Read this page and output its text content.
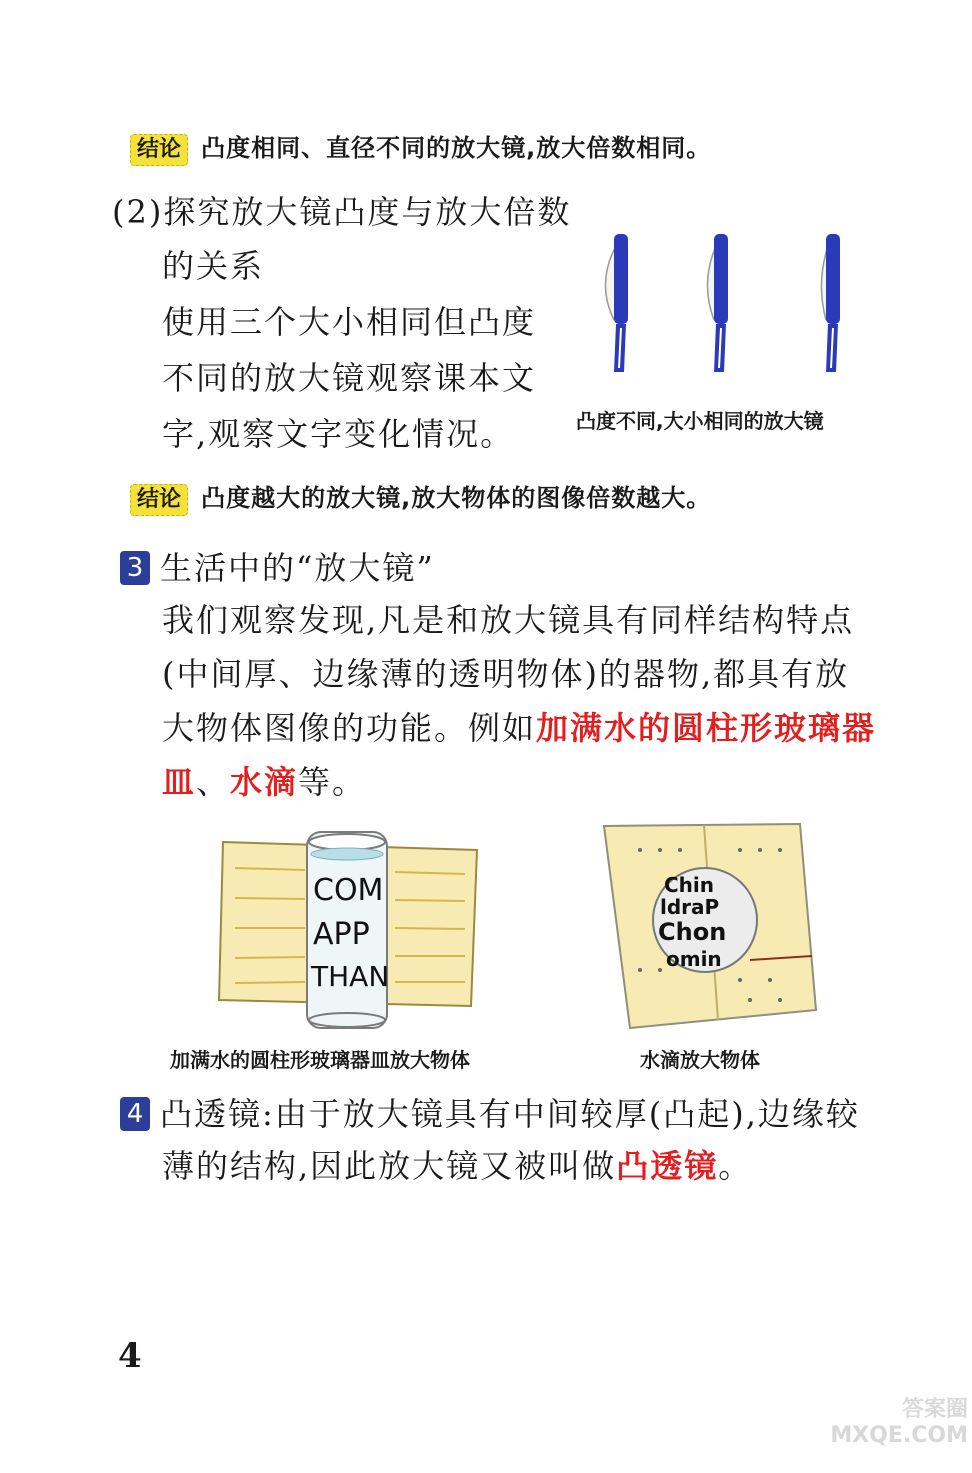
结论 凸度相同、直径不同的放大镜,放大倍数相同。
(2)探究放大镜凸度与放大倍数
的关系
使用三个大小相同但凸度
不同的放大镜观察课本文
字,观察文字变化情况。	凸度不同,大小相同的放大镜
结论 凸度越大的放大镜,放大物体的图像倍数越大。
3 生活中的“放大镜”
我们观察发现,凡是和放大镜具有同样结构特点
(中间厚、边缘薄的透明物体)的器物,都具有放
大物体图像的功能。例如加满水的圆柱形玻璃器
皿、水滴等。
COM
APP
THAN
加满水的圆柱形玻璃器皿放大物体
Chin
ldraP
Chon
omin
水滴放大物体
4 凸透镜:由于放大镜具有中间较厚(凸起),边缘较
薄的结构,因此放大镜又被叫做凸透镜。
4
答案圈 MXQE.COM
